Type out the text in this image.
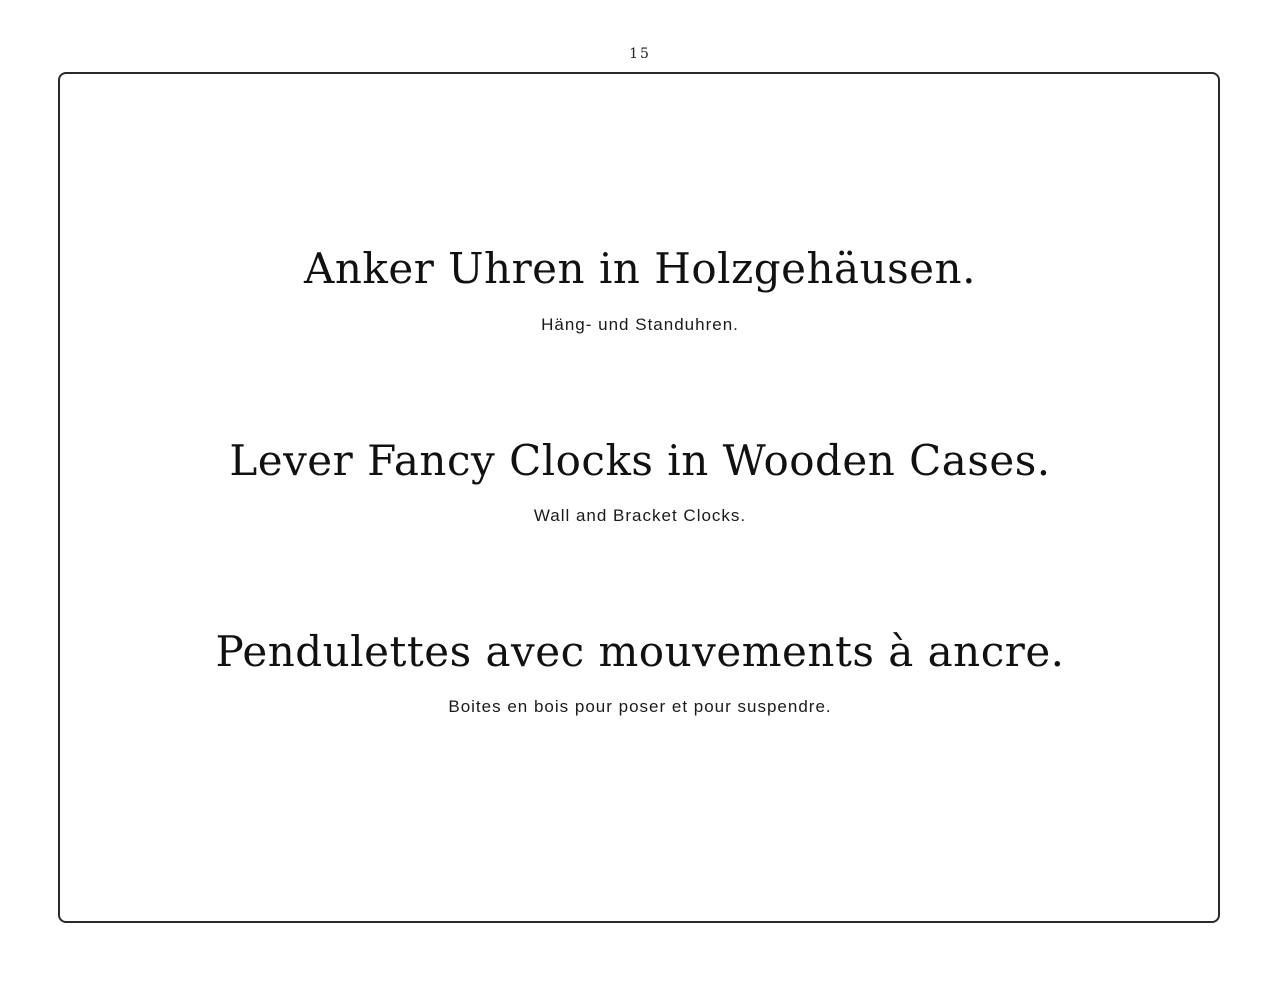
15
Anker Uhren in Holzgehäusen.
Häng- und Standuhren.
Lever Fancy Clocks in Wooden Cases.
Wall and Bracket Clocks.
Pendulettes avec mouvements à ancre.
Boites en bois pour poser et pour suspendre.
